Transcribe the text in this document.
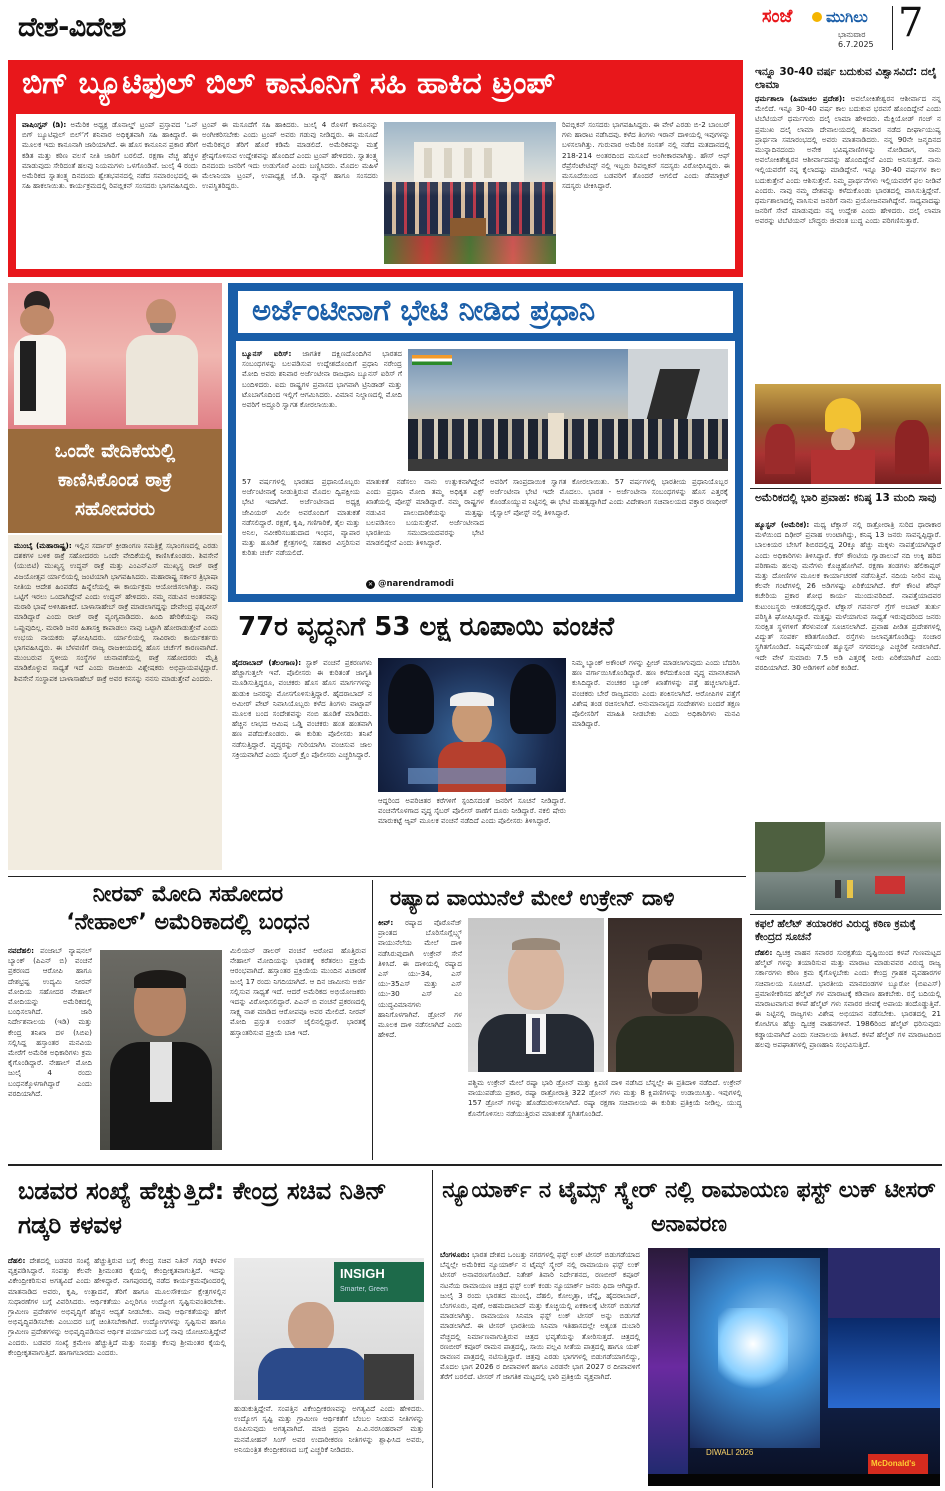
ದೇಶ-ವಿದೇಶ	ಸಂಜೆ ಮುಗಿಲು
ಭಾನುವಾರ
6.7.2025 7
ಬಿಗ್ ಬ್ಯೂಟಿಫುಲ್ ಬಿಲ್ ಕಾನೂನಿಗೆ ಸಹಿ ಹಾಕಿದ ಟ್ರಂಪ್
ವಾಷಿಂಗ್ಟನ್ (ಡಿ): ಅಮೆರಿಕ ಅಧ್ಯಕ್ಷ ಡೊನಾಲ್ಡ್ ಟ್ರಂಪ್ ಪ್ರಸ್ತಾವದ ‘ಒನ್ ಬಿಗ್ ಬ್ಯೂಟಿಫುಲ್ ಬಿಲ್’ಗೆ ಶನಿವಾರ ಅಧಿಕೃತವಾಗಿ ಸಹಿ ಹಾಕಿದ್ದಾರೆ. ಈ ಮೂಲಕ ಇದು ಕಾನೂನಾಗಿ ಜಾರಿಯಾಗಿದೆ. ಈ ಹೊಸ ಕಾನೂನಿನ ಪ್ರಕಾರ ತೆರಿಗೆ ಕಡಿತ ಮತ್ತು ಕಠಿಣ ವಲಸೆ ನೀತಿ ಜಾರಿಗೆ ಬರಲಿದೆ. ರಕ್ಷಣಾ ವೆಚ್ಚ ಹೆಚ್ಚಳ ಮಾಡುವುದು ಸೇರಿದಂತೆ ಹಲವು ನಿಯಮಗಳು ಒಳಗೊಂಡಿವೆ. ಜುಲೈ 4 ರಂದು ಅಮೆರಿಕದ ಸ್ವಾತಂತ್ರ್ಯ ದಿನದಂದು ಶ್ವೇತಭವನದಲ್ಲಿ ನಡೆದ ಸಮಾರಂಭದಲ್ಲಿ ಈ ಸಹಿ ಹಾಕಲಾಯಿತು. ಕಾರ್ಯಕ್ರಮದಲ್ಲಿ ರಿಪಬ್ಲಿಕನ್ ಸಂಸದರು ಭಾಗವಹಿಸಿದ್ದರು.
ಟ್ರಂಪ್ ಈ ಮಸೂದೆಗೆ ಸಹಿ ಹಾಕಿದರು. ಜುಲೈ 4 ರೊಳಗೆ ಕಾನೂನನ್ನು ಅಂಗೀಕರಿಸಬೇಕು ಎಂದು ಟ್ರಂಪ್ ಅವರು ಗಡುವು ನೀಡಿದ್ದರು. ಈ ಮಸೂದೆ ಅಮೆರಿಕನ್ನರ ತೆರಿಗೆ ಹೊರೆ ಕಡಿಮೆ ಮಾಡಲಿದೆ. ಅಮೆರಿಕವನ್ನು ಮತ್ತೆ ಶ್ರೇಷ್ಠಗೊಳಿಸುವ ಉದ್ದೇಶವನ್ನು ಹೊಂದಿದೆ ಎಂದು ಟ್ರಂಪ್ ಹೇಳಿದರು. ಸ್ವಾತಂತ್ರ್ಯ ದಿನದಂದು ಜನರಿಗೆ ಇದು ಉಡುಗೊರೆ ಎಂದು ಬಣ್ಣಿಸಿದರು. ಮೊದಲ ಮಹಿಳೆ ಮೆಲಾನಿಯಾ ಟ್ರಂಪ್, ಉಪಾಧ್ಯಕ್ಷ ಜೆ.ಡಿ. ವ್ಯಾನ್ಸ್ ಹಾಗೂ ಸಂಸದರು ಉಪಸ್ಥಿತರಿದ್ದರು.
ರಿಪಬ್ಲಿಕನ್ ಸಂಸದರು ಭಾಗವಹಿಸಿದ್ದರು. ಈ ವೇಳೆ ಎರಡು ಬಿ-2 ಬಾಂಬರ್ ಗಳು ಹಾರಾಟ ನಡೆಸಿದವು. ಕಳೆದ ತಿಂಗಳು ಇರಾನ್ ದಾಳಿಯಲ್ಲಿ ಇವುಗಳನ್ನು ಬಳಸಲಾಗಿತ್ತು. ಗುರುವಾರ ಅಮೆರಿಕ ಸಂಸತ್ ನಲ್ಲಿ ನಡೆದ ಮತದಾನದಲ್ಲಿ 218-214 ಅಂತರದಿಂದ ಮಸೂದೆ ಅಂಗೀಕಾರವಾಗಿತ್ತು. ಹೌಸ್ ಆಫ್ ರೆಪ್ರೆಸೆಂಟೇಟಿವ್ಸ್ ನಲ್ಲಿ ಇಬ್ಬರು ರಿಪಬ್ಲಿಕನ್ ಸದಸ್ಯರು ವಿರೋಧಿಸಿದ್ದರು. ಈ ಮಸೂದೆಯಿಂದ ಬಡವರಿಗೆ ತೊಂದರೆ ಆಗಲಿದೆ ಎಂದು ಡೆಮಾಕ್ರಟ್ ಸದಸ್ಯರು ಟೀಕಿಸಿದ್ದಾರೆ.
ಇನ್ನೂ 30-40 ವರ್ಷ ಬದುಕುವ ವಿಶ್ವಾಸವಿದೆ: ದಲೈ ಲಾಮಾ
ಧರ್ಮಶಾಲಾ (ಹಿಮಾಚಲ ಪ್ರದೇಶ): ಅವಲೋಕಿತೇಶ್ವರನ ಆಶೀರ್ವಾದ ನನ್ನ ಮೇಲಿದೆ. ಇನ್ನೂ 30-40 ವರ್ಷ ಕಾಲ ಬದುಕುವ ಭರವಸೆ ಹೊಂದಿದ್ದೇನೆ ಎಂದು ಟಿಬೆಟಿಯನ್ ಧರ್ಮಗುರು ದಲೈ ಲಾಮಾ ಹೇಳಿದರು. ಮೆಕ್ಲಿಯೋಡ್ ಗಂಜ್ ನ ಪ್ರಮುಖ ದಲೈ ಲಾಮಾ ದೇವಾಲಯದಲ್ಲಿ ಶನಿವಾರ ನಡೆದ ದೀರ್ಘಾಯುಷ್ಯ ಪ್ರಾರ್ಥನಾ ಸಮಾರಂಭದಲ್ಲಿ ಅವರು ಮಾತನಾಡಿದರು. ನನ್ನ 90ನೇ ಜನ್ಮದಿನದ ಮುನ್ನಾದಿನದಂದು ಅನೇಕ ಭವಿಷ್ಯವಾಣಿಗಳನ್ನು ನೋಡಿದಾಗ, ನಾನು ಅವಲೋಕಿತೇಶ್ವರನ ಆಶೀರ್ವಾದವನ್ನು ಹೊಂದಿದ್ದೇನೆ ಎಂದು ಅನಿಸುತ್ತದೆ. ನಾನು ಇಲ್ಲಿಯವರೆಗೆ ನನ್ನ ಕೈಲಾದಷ್ಟು ಮಾಡಿದ್ದೇನೆ. ಇನ್ನೂ 30-40 ವರ್ಷಗಳ ಕಾಲ ಬದುಕುತ್ತೇನೆ ಎಂದು ಆಶಿಸುತ್ತೇನೆ. ನಿಮ್ಮ ಪ್ರಾರ್ಥನೆಗಳು ಇಲ್ಲಿಯವರೆಗೆ ಫಲ ನೀಡಿವೆ ಎಂದರು. ನಾವು ನಮ್ಮ ದೇಶವನ್ನು ಕಳೆದುಕೊಂಡು ಭಾರತದಲ್ಲಿ ವಾಸಿಸುತ್ತಿದ್ದೇವೆ. ಧರ್ಮಶಾಲಾದಲ್ಲಿ ವಾಸಿಸುವ ಜನರಿಗೆ ನಾನು ಪ್ರಯೋಜನವಾಗಿದ್ದೇನೆ. ಸಾಧ್ಯವಾದಷ್ಟು ಜನರಿಗೆ ಸೇವೆ ಮಾಡುವುದು ನನ್ನ ಉದ್ದೇಶ ಎಂದು ಹೇಳಿದರು. ದಲೈ ಲಾಮಾ ಅವರನ್ನು ಟಿಬೆಟಿಯನ್ ಬೌದ್ಧರು ಜೀವಂತ ಬುದ್ಧ ಎಂದು ಪರಿಗಣಿಸುತ್ತಾರೆ.
ಒಂದೇ ವೇದಿಕೆಯಲ್ಲಿ ಕಾಣಿಸಿಕೊಂಡ ಠಾಕ್ರೆ ಸಹೋದರರು
ಮುಂಬೈ (ಮಹಾರಾಷ್ಟ್ರ): ಇಲ್ಲಿನ ಸರ್ದಾರ್ ಕ್ರೀಡಾಂಗಣ ಸಮತ್ರಿಕ್ಷೆ ಸಭಾಂಗಣದಲ್ಲಿ ಎರಡು ದಶಕಗಳ ಬಳಿಕ ಠಾಕ್ರೆ ಸಹೋದರರು ಒಂದೇ ವೇದಿಕೆಯಲ್ಲಿ ಕಾಣಿಸಿಕೊಂಡರು. ಶಿವಸೇನೆ (ಯುಬಿಟಿ) ಮುಖ್ಯಸ್ಥ ಉದ್ಧವ್ ಠಾಕ್ರೆ ಮತ್ತು ಎಂಎನ್ಎಸ್ ಮುಖ್ಯಸ್ಥ ರಾಜ್ ಠಾಕ್ರೆ ವಿಜಯೋತ್ಸವ ರ್ಯಾಲಿಯಲ್ಲಿ ಜಂಟಿಯಾಗಿ ಭಾಗವಹಿಸಿದರು. ಮಹಾರಾಷ್ಟ್ರ ಸರ್ಕಾರ ತ್ರಿಭಾಷಾ ನೀತಿಯ ಆದೇಶ ಹಿಂಪಡೆದ ಹಿನ್ನೆಲೆಯಲ್ಲಿ ಈ ಕಾರ್ಯಕ್ರಮ ಆಯೋಜಿಸಲಾಗಿತ್ತು. ನಾವು ಒಟ್ಟಿಗೆ ಇರಲು ಒಂದಾಗಿದ್ದೇವೆ ಎಂದು ಉದ್ಧವ್ ಹೇಳಿದರು. ನಮ್ಮ ನಡುವಿನ ಅಂತರವನ್ನು ಮರಾಠಿ ಭಾಷೆ ಅಳಿಸಿಹಾಕಿದೆ. ಬಾಳಾಸಾಹೇಬ್ ಠಾಕ್ರೆ ಮಾಡಲಾಗದ್ದನ್ನು ದೇವೇಂದ್ರ ಫಡ್ನವೀಸ್ ಮಾಡಿದ್ದಾರೆ ಎಂದು ರಾಜ್ ಠಾಕ್ರೆ ವ್ಯಂಗ್ಯವಾಡಿದರು. ಹಿಂದಿ ಹೇರಿಕೆಯನ್ನು ನಾವು ಒಪ್ಪುವುದಿಲ್ಲ. ಮರಾಠಿ ಜನರ ಹಿತಾಸಕ್ತಿ ಕಾಪಾಡಲು ನಾವು ಒಟ್ಟಾಗಿ ಹೋರಾಡುತ್ತೇವೆ ಎಂದು ಉಭಯ ನಾಯಕರು ಘೋಷಿಸಿದರು. ರ್ಯಾಲಿಯಲ್ಲಿ ಸಾವಿರಾರು ಕಾರ್ಯಕರ್ತರು ಭಾಗವಹಿಸಿದ್ದರು. ಈ ಬೆಳವಣಿಗೆ ರಾಜ್ಯ ರಾಜಕೀಯದಲ್ಲಿ ಹೊಸ ಚರ್ಚೆಗೆ ಕಾರಣವಾಗಿದೆ. ಮುಂಬರುವ ಸ್ಥಳೀಯ ಸಂಸ್ಥೆಗಳ ಚುನಾವಣೆಯಲ್ಲಿ ಠಾಕ್ರೆ ಸಹೋದರರು ಮೈತ್ರಿ ಮಾಡಿಕೊಳ್ಳುವ ಸಾಧ್ಯತೆ ಇದೆ ಎಂದು ರಾಜಕೀಯ ವಿಶ್ಲೇಷಕರು ಅಭಿಪ್ರಾಯಪಟ್ಟಿದ್ದಾರೆ. ಶಿವಸೇನೆ ಸಂಸ್ಥಾಪಕ ಬಾಳಾಸಾಹೇಬ್ ಠಾಕ್ರೆ ಅವರ ಕನಸನ್ನು ನನಸು ಮಾಡುತ್ತೇವೆ ಎಂದರು.
ಅರ್ಜೆಂಟೀನಾಗೆ ಭೇಟಿ ನೀಡಿದ ಪ್ರಧಾನಿ
ಬ್ಯೂನಸ್ ಐರಿಸ್: ಜಾಗತಿಕ ದಕ್ಷಿಣದೊಂದಿಗಿನ ಭಾರತದ ಸಂಬಂಧಗಳನ್ನು ಬಲಪಡಿಸುವ ಉದ್ದೇಶದೊಂದಿಗೆ ಪ್ರಧಾನಿ ನರೇಂದ್ರ ಮೋದಿ ಅವರು ಶನಿವಾರ ಅರ್ಜೆಂಟೀನಾ ರಾಜಧಾನಿ ಬ್ಯೂನಸ್ ಐರಿಸ್ ಗೆ ಬಂದಿಳಿದರು. ಐದು ರಾಷ್ಟ್ರಗಳ ಪ್ರವಾಸದ ಭಾಗವಾಗಿ ಟ್ರಿನಿಡಾಡ್ ಮತ್ತು ಟೊಬಾಗೊದಿಂದ ಇಲ್ಲಿಗೆ ಆಗಮಿಸಿದರು. ವಿಮಾನ ನಿಲ್ದಾಣದಲ್ಲಿ ಮೋದಿ ಅವರಿಗೆ ಅದ್ದೂರಿ ಸ್ವಾಗತ ಕೋರಲಾಯಿತು.
57 ವರ್ಷಗಳಲ್ಲಿ ಭಾರತದ ಪ್ರಧಾನಿಯೊಬ್ಬರು ಅರ್ಜೆಂಟೀನಾಕ್ಕೆ ನೀಡುತ್ತಿರುವ ಮೊದಲ ದ್ವಿಪಕ್ಷೀಯ ಭೇಟಿ ಇದಾಗಿದೆ. ಅರ್ಜೆಂಟೀನಾದ ಅಧ್ಯಕ್ಷ ಜೇವಿಯರ್ ಮಿಲೀ ಅವರೊಂದಿಗೆ ಮಾತುಕತೆ ನಡೆಸಲಿದ್ದಾರೆ. ರಕ್ಷಣೆ, ಕೃಷಿ, ಗಣಿಗಾರಿಕೆ, ತೈಲ ಮತ್ತು ಅನಿಲ, ನವೀಕರಿಸಬಹುದಾದ ಇಂಧನ, ವ್ಯಾಪಾರ ಮತ್ತು ಹೂಡಿಕೆ ಕ್ಷೇತ್ರಗಳಲ್ಲಿ ಸಹಕಾರ ವಿಸ್ತರಿಸುವ ಕುರಿತು ಚರ್ಚೆ ನಡೆಯಲಿದೆ.
ಮಾತುಕತೆ ನಡೆಸಲು ನಾನು ಉತ್ಸುಕನಾಗಿದ್ದೇನೆ ಎಂದು ಪ್ರಧಾನಿ ಮೋದಿ ತಮ್ಮ ಅಧಿಕೃತ ಎಕ್ಸ್ ಖಾತೆಯಲ್ಲಿ ಪೋಸ್ಟ್ ಮಾಡಿದ್ದಾರೆ. ನಮ್ಮ ರಾಷ್ಟ್ರಗಳ ನಡುವಿನ ಪಾಲುದಾರಿಕೆಯನ್ನು ಮತ್ತಷ್ಟು ಬಲಪಡಿಸಲು ಬಯಸುತ್ತೇವೆ. ಅರ್ಜೆಂಟೀನಾದ ಭಾರತೀಯ ಸಮುದಾಯದವರನ್ನು ಭೇಟಿ ಮಾಡಲಿದ್ದೇನೆ ಎಂದು ತಿಳಿಸಿದ್ದಾರೆ.
✕ @narendramodi
ಅವರಿಗೆ ಸಾಂಪ್ರದಾಯಿಕ ಸ್ವಾಗತ ಕೋರಲಾಯಿತು. 57 ವರ್ಷಗಳಲ್ಲಿ ಭಾರತೀಯ ಪ್ರಧಾನಿಯೊಬ್ಬರ ಅರ್ಜೆಂಟೀನಾ ಭೇಟಿ ಇದೇ ಮೊದಲು. ಭಾರತ - ಅರ್ಜೆಂಟೀನಾ ಸಂಬಂಧಗಳನ್ನು ಹೊಸ ಎತ್ತರಕ್ಕೆ ಕೊಂಡೊಯ್ಯುವ ನಿಟ್ಟಿನಲ್ಲಿ ಈ ಭೇಟಿ ಮಹತ್ವದ್ದಾಗಿದೆ ಎಂದು ವಿದೇಶಾಂಗ ಸಚಿವಾಲಯದ ವಕ್ತಾರ ರಣಧೀರ್ ಜೈಸ್ವಾಲ್ ಪೋಸ್ಟ್ ನಲ್ಲಿ ತಿಳಿಸಿದ್ದಾರೆ.
77ರ ವೃದ್ಧನಿಗೆ 53 ಲಕ್ಷ ರೂಪಾಯಿ ವಂಚನೆ
ಹೈದರಾಬಾದ್ (ತೆಲಂಗಾಣ): ಸ್ಟಾಕ್ ವಂಚನೆ ಪ್ರಕರಣಗಳು ಹೆಚ್ಚಾಗುತ್ತಲೇ ಇವೆ. ಪೊಲೀಸರು ಈ ಕುರಿತಂತೆ ಜಾಗೃತಿ ಮೂಡಿಸುತ್ತಿದ್ದರೂ, ವಂಚಕರು ಹೊಸ ಹೊಸ ಮಾರ್ಗಗಳನ್ನು ಹುಡುಕಿ ಜನರನ್ನು ಮೋಸಗೊಳಿಸುತ್ತಿದ್ದಾರೆ. ಹೈದರಾಬಾದ್ ನ ಅಮೀರ್ ಪೇಟ್ ನಿವಾಸಿಯೊಬ್ಬರು ಕಳೆದ ತಿಂಗಳು ವಾಟ್ಸಾಪ್ ಮೂಲಕ ಬಂದ ಸಂದೇಶವನ್ನು ನಂಬಿ ಹೂಡಿಕೆ ಮಾಡಿದರು. ಹೆಚ್ಚಿನ ಲಾಭದ ಆಮಿಷ ಒಡ್ಡಿ ವಂಚಕರು ಹಂತ ಹಂತವಾಗಿ ಹಣ ಪಡೆದುಕೊಂಡರು. ಈ ಕುರಿತು ಪೊಲೀಸರು ತನಿಖೆ ನಡೆಸುತ್ತಿದ್ದಾರೆ. ವೃದ್ಧರನ್ನು ಗುರಿಯಾಗಿಸಿ ವಂಚಿಸುವ ಜಾಲ ಸಕ್ರಿಯವಾಗಿದೆ ಎಂದು ಸೈಬರ್ ಕ್ರೈಂ ಪೊಲೀಸರು ಎಚ್ಚರಿಸಿದ್ದಾರೆ.
ಆದ್ದರಿಂದ ಅಪರಿಚಿತರ ಕರೆಗಳಿಗೆ ಸ್ಪಂದಿಸದಂತೆ ಜನರಿಗೆ ಸೂಚನೆ ನೀಡಿದ್ದಾರೆ. ವಂಚನೆಗೊಳಗಾದ ವೃದ್ಧ ಸೈಬರ್ ಪೊಲೀಸ್ ಠಾಣೆಗೆ ದೂರು ನೀಡಿದ್ದಾರೆ. ನಕಲಿ ಷೇರು ಮಾರುಕಟ್ಟೆ ಆ್ಯಪ್ ಮೂಲಕ ವಂಚನೆ ನಡೆದಿದೆ ಎಂದು ಪೊಲೀಸರು ತಿಳಿಸಿದ್ದಾರೆ.
ನಿಮ್ಮ ಬ್ಯಾಂಕ್ ಅಕೌಂಟ್ ಗಳನ್ನು ಫ್ರೀಜ್ ಮಾಡಲಾಗುವುದು ಎಂದು ಬೆದರಿಸಿ ಹಣ ವರ್ಗಾಯಿಸಿಕೊಂಡಿದ್ದಾರೆ. ಹಣ ಕಳೆದುಕೊಂಡ ವೃದ್ಧ ಮಾನಸಿಕವಾಗಿ ಕುಸಿದಿದ್ದಾರೆ. ವಂಚಕರ ಬ್ಯಾಂಕ್ ಖಾತೆಗಳನ್ನು ಪತ್ತೆ ಹಚ್ಚಲಾಗುತ್ತಿದೆ. ವಂಚಕರು ಬೇರೆ ರಾಜ್ಯದವರು ಎಂದು ಶಂಕಿಸಲಾಗಿದೆ. ಆರೋಪಿಗಳ ಪತ್ತೆಗೆ ವಿಶೇಷ ತಂಡ ರಚಿಸಲಾಗಿದೆ. ಅನುಮಾನಾಸ್ಪದ ಸಂದೇಶಗಳು ಬಂದರೆ ತಕ್ಷಣ ಪೊಲೀಸರಿಗೆ ಮಾಹಿತಿ ನೀಡಬೇಕು ಎಂದು ಅಧಿಕಾರಿಗಳು ಮನವಿ ಮಾಡಿದ್ದಾರೆ.
ಅಮೆರಿಕದಲ್ಲಿ ಭಾರಿ ಪ್ರವಾಹ: ಕನಿಷ್ಠ 13 ಮಂದಿ ಸಾವು
ಹ್ಯೂಸ್ಟನ್ (ಅಮೆರಿಕ): ಮಧ್ಯ ಟೆಕ್ಸಾಸ್ ನಲ್ಲಿ ರಾತ್ರೋರಾತ್ರಿ ಸುರಿದ ಧಾರಾಕಾರ ಮಳೆಯಿಂದ ದಿಢೀರ್ ಪ್ರವಾಹ ಉಂಟಾಗಿದ್ದು, ಕನಿಷ್ಠ 13 ಜನರು ಸಾವನ್ನಪ್ಪಿದ್ದಾರೆ. ಬಾಲಕಿಯರ ಬೇಸಿಗೆ ಶಿಬಿರದಲ್ಲಿದ್ದ 20ಕ್ಕೂ ಹೆಚ್ಚು ಮಕ್ಕಳು ನಾಪತ್ತೆಯಾಗಿದ್ದಾರೆ ಎಂದು ಅಧಿಕಾರಿಗಳು ತಿಳಿಸಿದ್ದಾರೆ. ಕೆರ್ ಕೌಂಟಿಯ ಗ್ವಾಡಾಲುಪೆ ನದಿ ಉಕ್ಕಿ ಹರಿದ ಪರಿಣಾಮ ಹಲವು ಮನೆಗಳು ಕೊಚ್ಚಿಹೋಗಿವೆ. ರಕ್ಷಣಾ ತಂಡಗಳು ಹೆಲಿಕಾಪ್ಟರ್ ಮತ್ತು ದೋಣಿಗಳ ಮೂಲಕ ಕಾರ್ಯಾಚರಣೆ ನಡೆಸುತ್ತಿವೆ. ನದಿಯ ನೀರಿನ ಮಟ್ಟ ಕೆಲವೇ ಗಂಟೆಗಳಲ್ಲಿ 26 ಅಡಿಗಳಷ್ಟು ಏರಿಕೆಯಾಗಿದೆ. ಕೆರ್ ಕೌಂಟಿ ಶೆರಿಫ್ ಕಚೇರಿಯ ಪ್ರಕಾರ ಶೋಧ ಕಾರ್ಯ ಮುಂದುವರಿದಿದೆ. ನಾಪತ್ತೆಯಾದವರ ಕುಟುಂಬಸ್ಥರು ಆತಂಕದಲ್ಲಿದ್ದಾರೆ. ಟೆಕ್ಸಾಸ್ ಗವರ್ನರ್ ಗ್ರೆಗ್ ಅಬಾಟ್ ತುರ್ತು ಪರಿಸ್ಥಿತಿ ಘೋಷಿಸಿದ್ದಾರೆ. ಮತ್ತಷ್ಟು ಮಳೆಯಾಗುವ ಸಾಧ್ಯತೆ ಇರುವುದರಿಂದ ಜನರು ಸುರಕ್ಷಿತ ಸ್ಥಳಗಳಿಗೆ ತೆರಳುವಂತೆ ಸೂಚಿಸಲಾಗಿದೆ. ಪ್ರವಾಹ ಪೀಡಿತ ಪ್ರದೇಶಗಳಲ್ಲಿ ವಿದ್ಯುತ್ ಸಂಪರ್ಕ ಕಡಿತಗೊಂಡಿದೆ. ರಸ್ತೆಗಳು ಜಲಾವೃತಗೊಂಡಿದ್ದು ಸಂಚಾರ ಸ್ಥಗಿತಗೊಂಡಿದೆ. ನಿಷ್ಕರ್ಷೆಯಂತೆ ಹ್ಯೂಸ್ಟನ್ ನಗರದಲ್ಲೂ ಎಚ್ಚರಿಕೆ ನೀಡಲಾಗಿದೆ. ಇದೇ ವೇಳೆ ಸುಮಾರು 7.5 ಅಡಿ ಎತ್ತರಕ್ಕೆ ನೀರು ಏರಿಕೆಯಾಗಿದೆ ಎಂದು ವರದಿಯಾಗಿದೆ. 30 ಅಡಿಗಳಿಗೆ ಏರಿಕೆ ಕಂಡಿದೆ.
ಕಫಲೆ ಹೆಲೆಟ್ ತಯಾರಕರ ವಿರುದ್ಧ ಕಠಿಣ ಕ್ರಮಕ್ಕೆ ಕೇಂದ್ರದ ಸೂಚನೆ
ದೆಹಲಿ: ದ್ವಿಚಕ್ರ ವಾಹನ ಸವಾರರ ಸುರಕ್ಷತೆಯ ದೃಷ್ಟಿಯಿಂದ ಕಳಪೆ ಗುಣಮಟ್ಟದ ಹೆಲ್ಮೆಟ್ ಗಳನ್ನು ತಯಾರಿಸುವ ಮತ್ತು ಮಾರಾಟ ಮಾಡುವವರ ವಿರುದ್ಧ ರಾಜ್ಯ ಸರ್ಕಾರಗಳು ಕಠಿಣ ಕ್ರಮ ಕೈಗೊಳ್ಳಬೇಕು ಎಂದು ಕೇಂದ್ರ ಗ್ರಾಹಕ ವ್ಯವಹಾರಗಳ ಸಚಿವಾಲಯ ಸೂಚಿಸಿದೆ. ಭಾರತೀಯ ಮಾನದಂಡಗಳ ಬ್ಯೂರೋ (ಬಿಐಎಸ್) ಪ್ರಮಾಣೀಕರಿಸದ ಹೆಲ್ಮೆಟ್ ಗಳ ಮಾರಾಟಕ್ಕೆ ಕಡಿವಾಣ ಹಾಕಬೇಕು. ರಸ್ತೆ ಬದಿಯಲ್ಲಿ ಮಾರಾಟವಾಗುವ ಕಳಪೆ ಹೆಲ್ಮೆಟ್ ಗಳು ಸವಾರರ ಜೀವಕ್ಕೆ ಅಪಾಯ ತಂದೊಡ್ಡುತ್ತಿವೆ. ಈ ನಿಟ್ಟಿನಲ್ಲಿ ರಾಜ್ಯಗಳು ವಿಶೇಷ ಅಭಿಯಾನ ನಡೆಸಬೇಕು. ಭಾರತದಲ್ಲಿ 21 ಕೋಟಿಗೂ ಹೆಚ್ಚು ದ್ವಿಚಕ್ರ ವಾಹನಗಳಿವೆ. 1986ರಿಂದ ಹೆಲ್ಮೆಟ್ ಧರಿಸುವುದು ಕಡ್ಡಾಯವಾಗಿದೆ ಎಂದು ಸಚಿವಾಲಯ ತಿಳಿಸಿದೆ. ಕಳಪೆ ಹೆಲ್ಮೆಟ್ ಗಳ ಮಾರಾಟದಿಂದ ಹಲವು ಅಪಘಾತಗಳಲ್ಲಿ ಪ್ರಾಣಹಾನಿ ಸಂಭವಿಸುತ್ತಿದೆ.
ನೀರವ್ ಮೋದಿ ಸಹೋದರ
‘ನೇಹಾಲ್’ ಅಮೆರಿಕಾದಲ್ಲಿ ಬಂಧನ
ನವದೆಹಲಿ: ಪಂಜಾಬ್ ನ್ಯಾಷನಲ್ ಬ್ಯಾಂಕ್ (ಪಿಎನ್ ಬಿ) ವಂಚನೆ ಪ್ರಕರಣದ ಆರೋಪಿ ಹಾಗೂ ದೇಶಭ್ರಷ್ಟ ಉದ್ಯಮಿ ನೀರವ್ ಮೋದಿಯ ಸಹೋದರ ನೇಹಾಲ್ ಮೋದಿಯನ್ನು ಅಮೆರಿಕದಲ್ಲಿ ಬಂಧಿಸಲಾಗಿದೆ. ಜಾರಿ ನಿರ್ದೇಶನಾಲಯ (ಇಡಿ) ಮತ್ತು ಕೇಂದ್ರ ತನಿಖಾ ದಳ (ಸಿಬಿಐ) ಸಲ್ಲಿಸಿದ್ದ ಹಸ್ತಾಂತರ ಮನವಿಯ ಮೇರೆಗೆ ಅಮೆರಿಕ ಅಧಿಕಾರಿಗಳು ಕ್ರಮ ಕೈಗೊಂಡಿದ್ದಾರೆ. ನೇಹಾಲ್ ಮೋದಿ ಜುಲೈ 4 ರಂದು ಬಂಧನಕ್ಕೊಳಗಾಗಿದ್ದಾರೆ ಎಂದು ವರದಿಯಾಗಿದೆ.
ಮಿಲಿಯನ್ ಡಾಲರ್ ವಂಚನೆ ಆರೋಪ ಹೊತ್ತಿರುವ ನೇಹಾಲ್ ಮೋದಿಯನ್ನು ಭಾರತಕ್ಕೆ ಕರೆತರಲು ಪ್ರಕ್ರಿಯೆ ಆರಂಭವಾಗಿದೆ. ಹಸ್ತಾಂತರ ಪ್ರಕ್ರಿಯೆಯ ಮುಂದಿನ ವಿಚಾರಣೆ ಜುಲೈ 17 ರಂದು ನಿಗದಿಯಾಗಿದೆ. ಆ ದಿನ ಜಾಮೀನು ಅರ್ಜಿ ಸಲ್ಲಿಸುವ ಸಾಧ್ಯತೆ ಇದೆ. ಆದರೆ ಅಮೆರಿಕದ ಅಭಿಯೋಜಕರು ಇದನ್ನು ವಿರೋಧಿಸಲಿದ್ದಾರೆ. ಪಿಎನ್ ಬಿ ವಂಚನೆ ಪ್ರಕರಣದಲ್ಲಿ ಸಾಕ್ಷ್ಯ ನಾಶ ಮಾಡಿದ ಆರೋಪವೂ ಅವರ ಮೇಲಿದೆ. ನೀರವ್ ಮೋದಿ ಪ್ರಸ್ತುತ ಲಂಡನ್ ಜೈಲಿನಲ್ಲಿದ್ದಾರೆ. ಭಾರತಕ್ಕೆ ಹಸ್ತಾಂತರಿಸುವ ಪ್ರಕ್ರಿಯೆ ಬಾಕಿ ಇದೆ.
ರಷ್ಯಾದ ವಾಯುನೆಲೆ ಮೇಲೆ ಉಕ್ರೇನ್ ದಾಳಿ
ಕೀವ್: ರಷ್ಯಾದ ವೊರೊನೆಜ್ ಪ್ರಾಂತದ ಬೊರಿಸೊಗ್ಲೆಬ್ಸ್ಕ್ ವಾಯುನೆಲೆಯ ಮೇಲೆ ದಾಳಿ ನಡೆಸಿರುವುದಾಗಿ ಉಕ್ರೇನ್ ಸೇನೆ ತಿಳಿಸಿದೆ. ಈ ದಾಳಿಯಲ್ಲಿ ರಷ್ಯಾದ ಎಸ್ ಯು-34, ಎಸ್ ಯು-35ಎಸ್ ಮತ್ತು ಎಸ್ ಯು-30 ಎಸ್ ಎಂ ಯುದ್ಧವಿಮಾನಗಳು ಹಾನಿಗೊಳಗಾಗಿವೆ. ಡ್ರೋನ್ ಗಳ ಮೂಲಕ ದಾಳಿ ನಡೆಸಲಾಗಿದೆ ಎಂದು ಹೇಳಿದೆ.
ಪಶ್ಚಿಮ ಉಕ್ರೇನ್ ಮೇಲೆ ರಷ್ಯಾ ಭಾರಿ ಡ್ರೋನ್ ಮತ್ತು ಕ್ಷಿಪಣಿ ದಾಳಿ ನಡೆಸಿದ ಬೆನ್ನಲ್ಲೇ ಈ ಪ್ರತಿದಾಳಿ ನಡೆದಿದೆ. ಉಕ್ರೇನ್ ವಾಯುಪಡೆಯ ಪ್ರಕಾರ, ರಷ್ಯಾ ರಾತ್ರೋರಾತ್ರಿ 322 ಡ್ರೋನ್ ಗಳು ಮತ್ತು 8 ಕ್ಷಿಪಣಿಗಳನ್ನು ಉಡಾಯಿಸಿತ್ತು. ಇವುಗಳಲ್ಲಿ 157 ಡ್ರೋನ್ ಗಳನ್ನು ಹೊಡೆದುರುಳಿಸಲಾಗಿದೆ. ರಷ್ಯಾ ರಕ್ಷಣಾ ಸಚಿವಾಲಯ ಈ ಕುರಿತು ಪ್ರತಿಕ್ರಿಯೆ ನೀಡಿಲ್ಲ. ಯುದ್ಧ ಕೊನೆಗೊಳಿಸಲು ನಡೆಯುತ್ತಿರುವ ಮಾತುಕತೆ ಸ್ಥಗಿತಗೊಂಡಿದೆ.
ಬಡವರ ಸಂಖ್ಯೆ ಹೆಚ್ಚುತ್ತಿದೆ: ಕೇಂದ್ರ ಸಚಿವ ನಿತಿನ್ ಗಡ್ಕರಿ ಕಳವಳ
ದೆಹಲಿ: ದೇಶದಲ್ಲಿ ಬಡವರ ಸಂಖ್ಯೆ ಹೆಚ್ಚುತ್ತಿರುವ ಬಗ್ಗೆ ಕೇಂದ್ರ ಸಚಿವ ನಿತಿನ್ ಗಡ್ಕರಿ ಕಳವಳ ವ್ಯಕ್ತಪಡಿಸಿದ್ದಾರೆ. ಸಂಪತ್ತು ಕೆಲವೇ ಶ್ರೀಮಂತರ ಕೈಯಲ್ಲಿ ಕೇಂದ್ರೀಕೃತವಾಗುತ್ತಿದೆ. ಇದನ್ನು ವಿಕೇಂದ್ರೀಕರಿಸುವ ಅಗತ್ಯವಿದೆ ಎಂದು ಹೇಳಿದ್ದಾರೆ. ನಾಗಪುರದಲ್ಲಿ ನಡೆದ ಕಾರ್ಯಕ್ರಮವೊಂದರಲ್ಲಿ ಮಾತನಾಡಿದ ಅವರು, ಕೃಷಿ, ಉತ್ಪಾದನೆ, ತೆರಿಗೆ ಹಾಗೂ ಮೂಲಸೌಕರ್ಯ ಕ್ಷೇತ್ರಗಳಲ್ಲಿನ ಸುಧಾರಣೆಗಳ ಬಗ್ಗೆ ವಿವರಿಸಿದರು. ಆರ್ಥಿಕತೆಯು ಎಲ್ಲರಿಗೂ ಉದ್ಯೋಗ ಸೃಷ್ಟಿಸುವಂತಿರಬೇಕು. ಗ್ರಾಮೀಣ ಪ್ರದೇಶಗಳ ಅಭಿವೃದ್ಧಿಗೆ ಹೆಚ್ಚಿನ ಆದ್ಯತೆ ನೀಡಬೇಕು. ನಾವು ಆರ್ಥಿಕತೆಯನ್ನು ಹೇಗೆ ಅಭಿವೃದ್ಧಿಪಡಿಸಬೇಕು ಎಂಬುದರ ಬಗ್ಗೆ ಚಿಂತಿಸಬೇಕಾಗಿದೆ. ಉದ್ಯೋಗಗಳನ್ನು ಸೃಷ್ಟಿಸುವ ಹಾಗೂ ಗ್ರಾಮೀಣ ಪ್ರದೇಶಗಳನ್ನು ಅಭಿವೃದ್ಧಿಪಡಿಸುವ ಆರ್ಥಿಕ ಪರ್ಯಾಯದ ಬಗ್ಗೆ ನಾವು ಯೋಚಿಸುತ್ತಿದ್ದೇವೆ ಎಂದರು. ಬಡವರ ಸಂಖ್ಯೆ ಕ್ರಮೇಣ ಹೆಚ್ಚುತ್ತಿದೆ ಮತ್ತು ಸಂಪತ್ತು ಕೆಲವು ಶ್ರೀಮಂತರ ಕೈಯಲ್ಲಿ ಕೇಂದ್ರೀಕೃತವಾಗುತ್ತಿದೆ. ಹಾಗಾಗಬಾರದು ಎಂದರು.
INSIGH
Smarter, Green
ಹುಡುಕುತ್ತಿದ್ದೇವೆ. ಸಂಪತ್ತಿನ ವಿಕೇಂದ್ರೀಕರಣವನ್ನು ಅಗತ್ಯವಿದೆ ಎಂದು ಹೇಳಿದರು. ಉದ್ಯೋಗ ಸೃಷ್ಟಿ ಮತ್ತು ಗ್ರಾಮೀಣ ಆರ್ಥಿಕತೆಗೆ ಬೆಂಬಲ ನೀಡುವ ನೀತಿಗಳನ್ನು ರೂಪಿಸುವುದು ಅಗತ್ಯವಾಗಿದೆ. ಮಾಜಿ ಪ್ರಧಾನಿ ಪಿ.ವಿ.ನರಸಿಂಹರಾವ್ ಮತ್ತು ಮನಮೋಹನ್ ಸಿಂಗ್ ಅವರ ಉದಾರೀಕರಣ ನೀತಿಗಳನ್ನು ಶ್ಲಾಘಿಸಿದ ಅವರು, ಅನಿಯಂತ್ರಿತ ಕೇಂದ್ರೀಕರಣದ ಬಗ್ಗೆ ಎಚ್ಚರಿಕೆ ನೀಡಿದರು.
ನ್ಯೂಯಾರ್ಕ್ ನ ಟೈಮ್ಸ್ ಸ್ಕ್ವೇರ್ ನಲ್ಲಿ ರಾಮಾಯಣ ಫಸ್ಟ್ ಲುಕ್ ಟೀಸರ್ ಅನಾವರಣ
ಬೆಂಗಳೂರು: ಭಾರತ ದೇಶದ ಒಂಬತ್ತು ನಗರಗಳಲ್ಲಿ ಫಸ್ಟ್ ಲುಕ್ ಟೀಸರ್ ಬಿಡುಗಡೆಯಾದ ಬೆನ್ನಲ್ಲೇ ಅಮೆರಿಕದ ನ್ಯೂಯಾರ್ಕ್ ನ ಟೈಮ್ಸ್ ಸ್ಕ್ವೇರ್ ನಲ್ಲಿ ರಾಮಾಯಣ ಫಸ್ಟ್ ಲುಕ್ ಟೀಸರ್ ಅನಾವರಣಗೊಂಡಿದೆ. ನಿತೇಶ್ ತಿವಾರಿ ನಿರ್ದೇಶನದ, ರಣಬೀರ್ ಕಪೂರ್ ನಟನೆಯ ರಾಮಾಯಣ ಚಿತ್ರದ ಫಸ್ಟ್ ಲುಕ್ ಕಂಡು ನ್ಯೂಯಾರ್ಕ್ ಜನರು ಫಿದಾ ಆಗಿದ್ದಾರೆ. ಜುಲೈ 3 ರಂದು ಭಾರತದ ಮುಂಬೈ, ದೆಹಲಿ, ಕೋಲ್ಕತ್ತಾ, ಚೆನ್ನೈ, ಹೈದರಾಬಾದ್, ಬೆಂಗಳೂರು, ಪುಣೆ, ಅಹಮದಾಬಾದ್ ಮತ್ತು ಕೊಚ್ಚಿಯಲ್ಲಿ ಏಕಕಾಲಕ್ಕೆ ಟೀಸರ್ ಬಿಡುಗಡೆ ಮಾಡಲಾಗಿತ್ತು. ರಾಮಾಯಣ ಸಿನಿಮಾ ಫಸ್ಟ್ ಲುಕ್ ಟೀಸರ್ ಅನ್ನು ಬಿಡುಗಡೆ ಮಾಡಲಾಗಿದೆ. ಈ ಟೀಸರ್ ಭಾರತೀಯ ಸಿನಿಮಾ ಇತಿಹಾಸದಲ್ಲೇ ಅತ್ಯಂತ ದುಬಾರಿ ವೆಚ್ಚದಲ್ಲಿ ನಿರ್ಮಾಣವಾಗುತ್ತಿರುವ ಚಿತ್ರದ ಭವ್ಯತೆಯನ್ನು ತೋರಿಸುತ್ತದೆ. ಚಿತ್ರದಲ್ಲಿ ರಣಬೀರ್ ಕಪೂರ್ ರಾಮನ ಪಾತ್ರದಲ್ಲಿ, ಸಾಯಿ ಪಲ್ಲವಿ ಸೀತೆಯ ಪಾತ್ರದಲ್ಲಿ ಹಾಗೂ ಯಶ್ ರಾವಣನ ಪಾತ್ರದಲ್ಲಿ ನಟಿಸುತ್ತಿದ್ದಾರೆ. ಚಿತ್ರವು ಎರಡು ಭಾಗಗಳಲ್ಲಿ ಬಿಡುಗಡೆಯಾಗಲಿದ್ದು, ಮೊದಲ ಭಾಗ 2026 ರ ದೀಪಾವಳಿಗೆ ಹಾಗೂ ಎರಡನೇ ಭಾಗ 2027 ರ ದೀಪಾವಳಿಗೆ ತೆರೆಗೆ ಬರಲಿದೆ. ಟೀಸರ್ ಗೆ ಜಾಗತಿಕ ಮಟ್ಟದಲ್ಲಿ ಭಾರಿ ಪ್ರತಿಕ್ರಿಯೆ ವ್ಯಕ್ತವಾಗಿದೆ.
DIWALI 2026
McDonald's
